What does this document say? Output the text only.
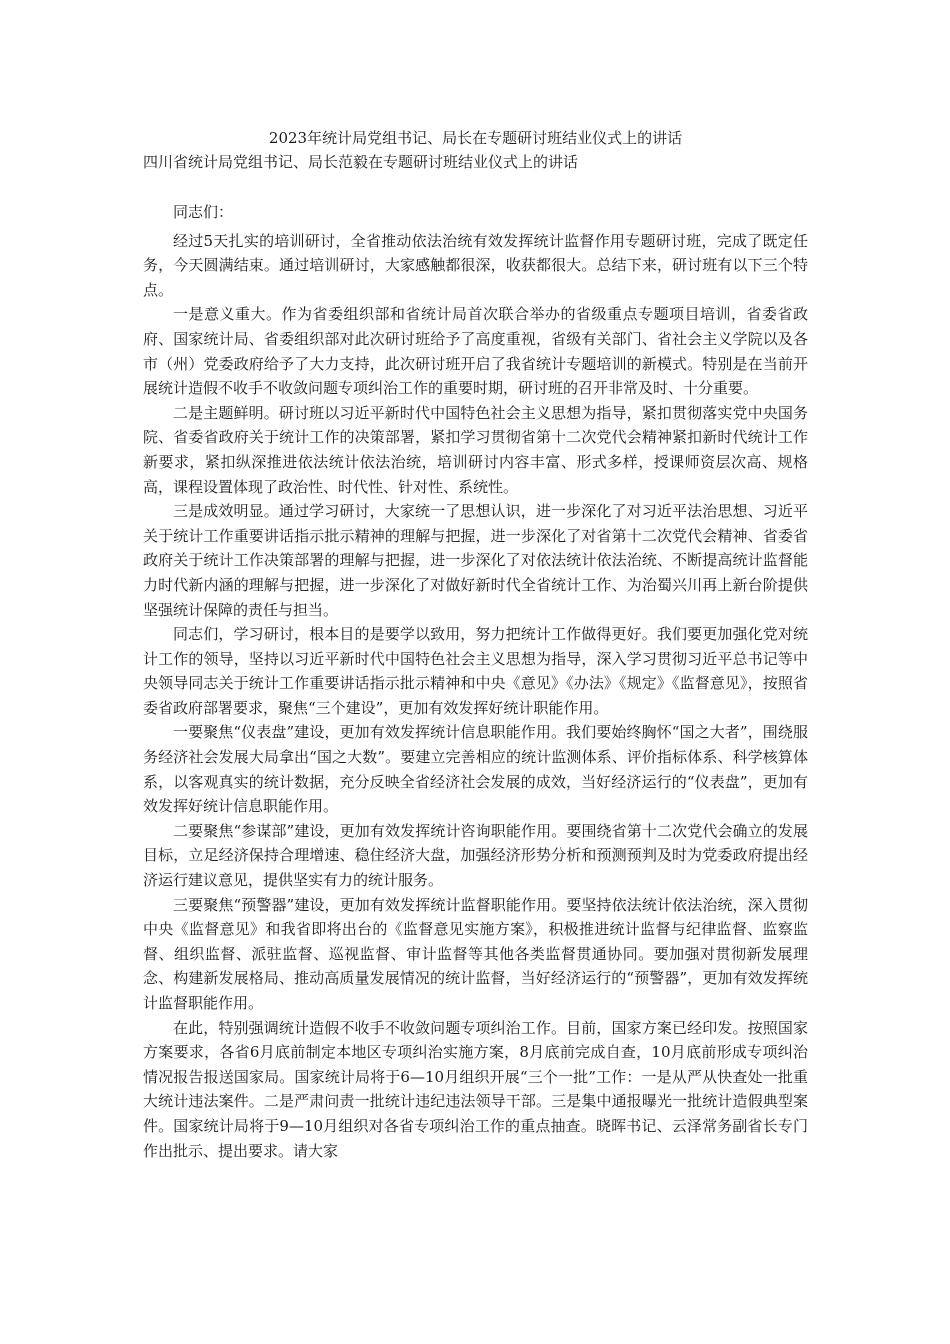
2023年统计局党组书记、局长在专题研讨班结业仪式上的讲话
四川省统计局党组书记、局长范毅在专题研讨班结业仪式上的讲话

同志们：

经过5天扎实的培训研讨，全省推动依法治统有效发挥统计监督作用专题研讨班，完成了既定任务，今天圆满结束。通过培训研讨，大家感触都很深，收获都很大。总结下来，研讨班有以下三个特点。

一是意义重大。作为省委组织部和省统计局首次联合举办的省级重点专题项目培训，省委省政府、国家统计局、省委组织部对此次研讨班给予了高度重视，省级有关部门、省社会主义学院以及各市（州）党委政府给予了大力支持，此次研讨班开启了我省统计专题培训的新模式。特别是在当前开展统计造假不收手不收敛问题专项纠治工作的重要时期，研讨班的召开非常及时、十分重要。

二是主题鲜明。研讨班以习近平新时代中国特色社会主义思想为指导，紧扣贯彻落实党中央国务院、省委省政府关于统计工作的决策部署，紧扣学习贯彻省第十二次党代会精神紧扣新时代统计工作新要求，紧扣纵深推进依法统计依法治统，培训研讨内容丰富、形式多样，授课师资层次高、规格高，课程设置体现了政治性、时代性、针对性、系统性。

三是成效明显。通过学习研讨，大家统一了思想认识，进一步深化了对习近平法治思想、习近平关于统计工作重要讲话指示批示精神的理解与把握，进一步深化了对省第十二次党代会精神、省委省政府关于统计工作决策部署的理解与把握，进一步深化了对依法统计依法治统、不断提高统计监督能力时代新内涵的理解与把握，进一步深化了对做好新时代全省统计工作、为治蜀兴川再上新台阶提供坚强统计保障的责任与担当。

同志们，学习研讨，根本目的是要学以致用，努力把统计工作做得更好。我们要更加强化党对统计工作的领导，坚持以习近平新时代中国特色社会主义思想为指导，深入学习贯彻习近平总书记等中央领导同志关于统计工作重要讲话指示批示精神和中央《意见》《办法》《规定》《监督意见》，按照省委省政府部署要求，聚焦“三个建设”，更加有效发挥好统计职能作用。

一要聚焦“仪表盘”建设，更加有效发挥统计信息职能作用。我们要始终胸怀“国之大者”，围绕服务经济社会发展大局拿出“国之大数”。要建立完善相应的统计监测体系、评价指标体系、科学核算体系，以客观真实的统计数据，充分反映全省经济社会发展的成效，当好经济运行的“仪表盘”，更加有效发挥好统计信息职能作用。

二要聚焦“参谋部”建设，更加有效发挥统计咨询职能作用。要围绕省第十二次党代会确立的发展目标，立足经济保持合理增速、稳住经济大盘，加强经济形势分析和预测预判及时为党委政府提出经济运行建议意见，提供坚实有力的统计服务。

三要聚焦“预警器”建设，更加有效发挥统计监督职能作用。要坚持依法统计依法治统，深入贯彻中央《监督意见》和我省即将出台的《监督意见实施方案》，积极推进统计监督与纪律监督、监察监督、组织监督、派驻监督、巡视监督、审计监督等其他各类监督贯通协同。要加强对贯彻新发展理念、构建新发展格局、推动高质量发展情况的统计监督，当好经济运行的“预警器”，更加有效发挥统计监督职能作用。

在此，特别强调统计造假不收手不收敛问题专项纠治工作。目前，国家方案已经印发。按照国家方案要求，各省6月底前制定本地区专项纠治实施方案，8月底前完成自查，10月底前形成专项纠治情况报告报送国家局。国家统计局将于6—10月组织开展“三个一批”工作：一是从严从快查处一批重大统计违法案件。二是严肃问责一批统计违纪违法领导干部。三是集中通报曝光一批统计造假典型案件。国家统计局将于9—10月组织对各省专项纠治工作的重点抽查。晓晖书记、云泽常务副省长专门作出批示、提出要求。请大家
